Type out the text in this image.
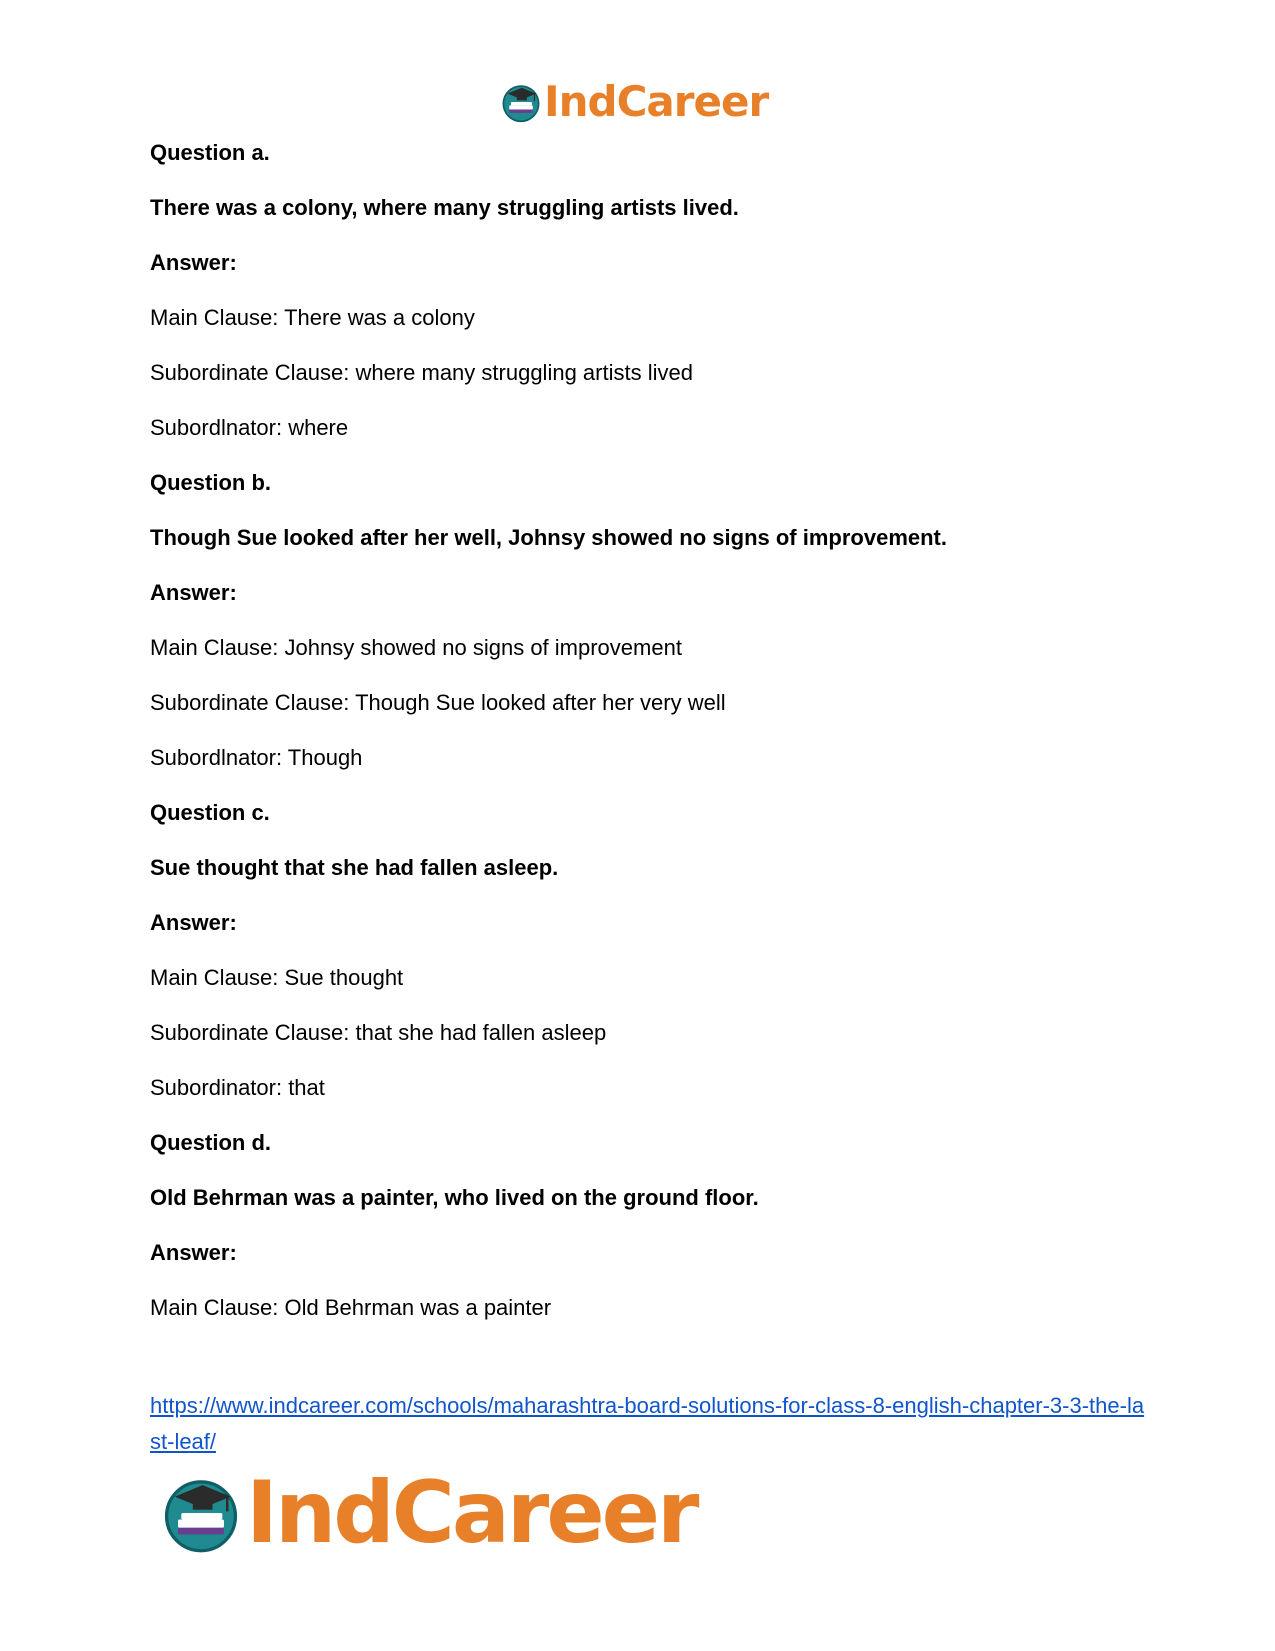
IndCareer
Question a.
There was a colony, where many struggling artists lived.
Answer:
Main Clause: There was a colony
Subordinate Clause: where many struggling artists lived
Subordlnator: where
Question b.
Though Sue looked after her well, Johnsy showed no signs of improvement.
Answer:
Main Clause: Johnsy showed no signs of improvement
Subordinate Clause: Though Sue looked after her very well
Subordlnator: Though
Question c.
Sue thought that she had fallen asleep.
Answer:
Main Clause: Sue thought
Subordinate Clause: that she had fallen asleep
Subordinator: that
Question d.
Old Behrman was a painter, who lived on the ground floor.
Answer:
Main Clause: Old Behrman was a painter
https://www.indcareer.com/schools/maharashtra-board-solutions-for-class-8-english-chapter-3-3-the-last-leaf/
IndCareer
